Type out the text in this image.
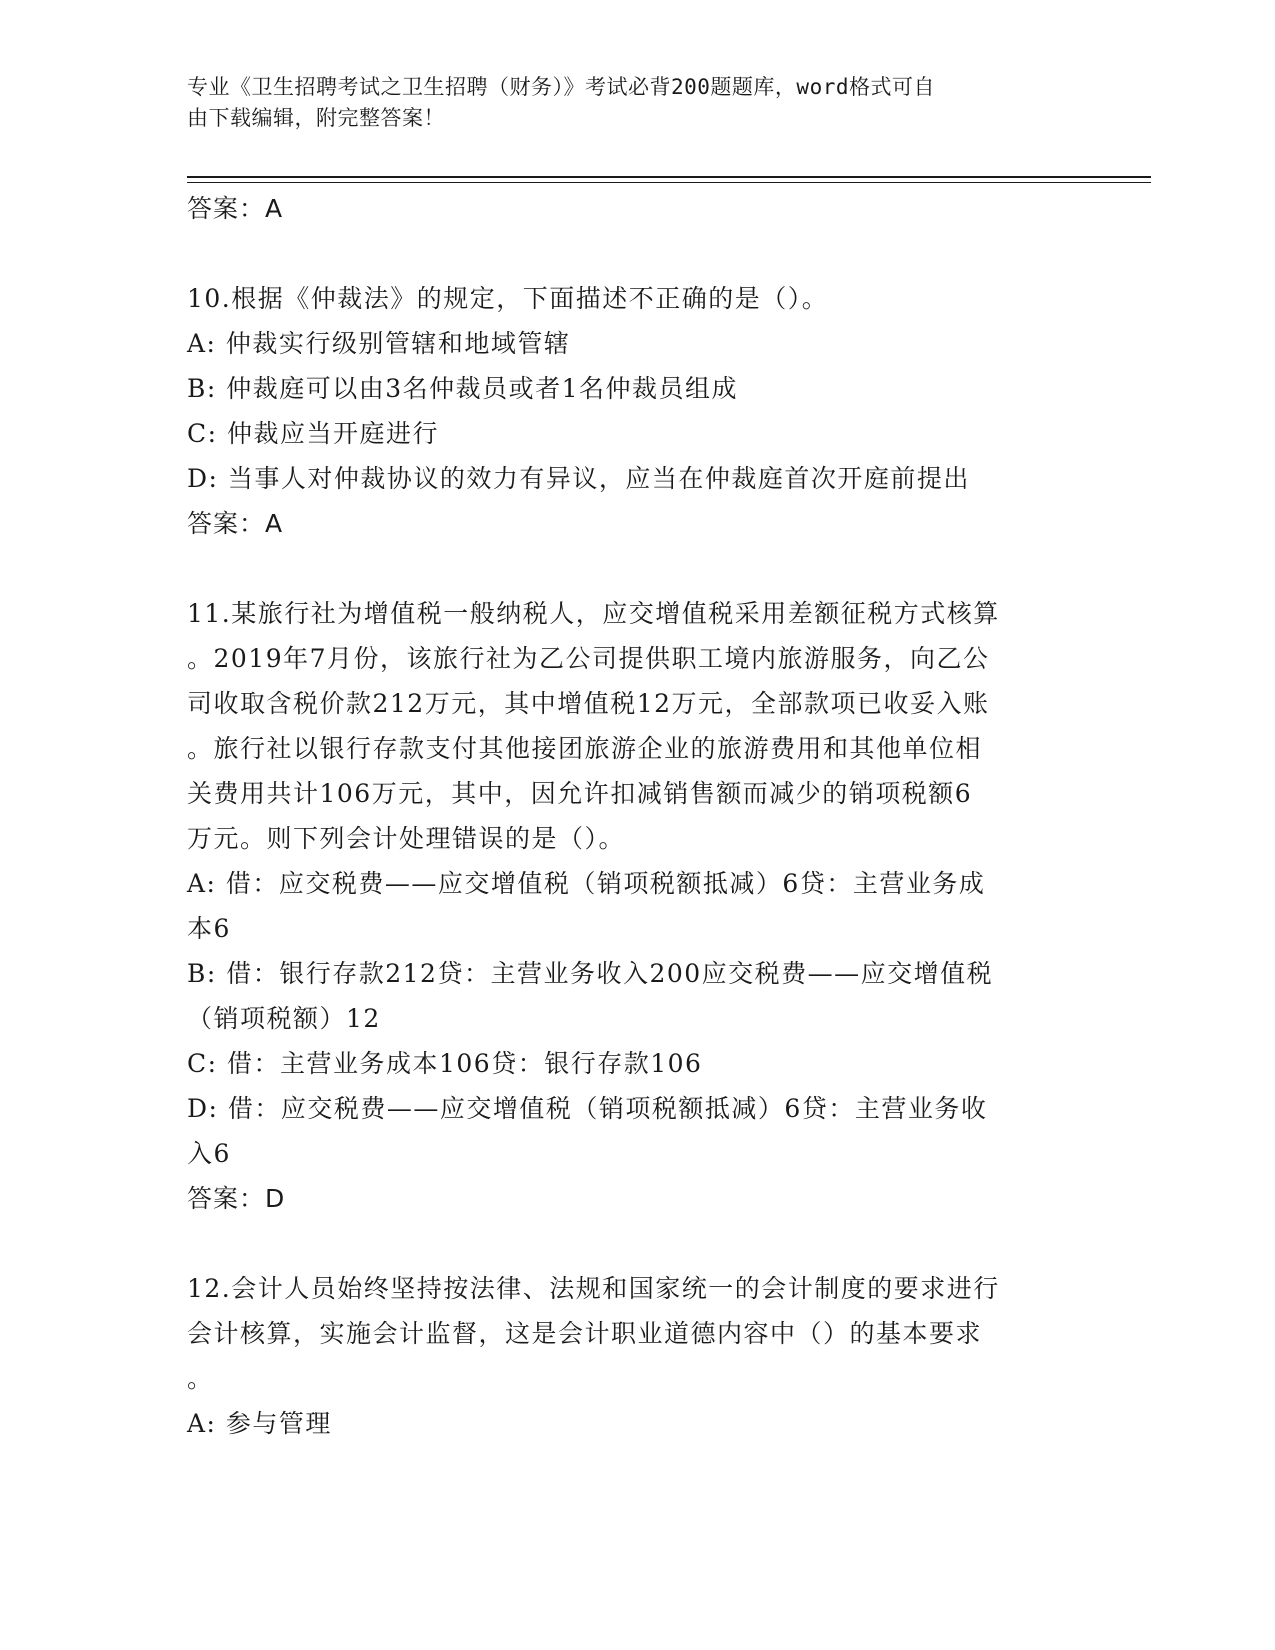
专业《卫生招聘考试之卫生招聘（财务）》考试必背200题题库，word格式可自
由下载编辑，附完整答案！
答案：A
10.根据《仲裁法》的规定，下面描述不正确的是（）。
A: 仲裁实行级别管辖和地域管辖
B: 仲裁庭可以由3名仲裁员或者1名仲裁员组成
C: 仲裁应当开庭进行
D: 当事人对仲裁协议的效力有异议，应当在仲裁庭首次开庭前提出
答案：A
11.某旅行社为增值税一般纳税人，应交增值税采用差额征税方式核算
。2019年7月份，该旅行社为乙公司提供职工境内旅游服务，向乙公
司收取含税价款212万元，其中增值税12万元，全部款项已收妥入账
。旅行社以银行存款支付其他接团旅游企业的旅游费用和其他单位相
关费用共计106万元，其中，因允许扣减销售额而减少的销项税额6
万元。则下列会计处理错误的是（）。
A: 借：应交税费——应交增值税（销项税额抵减）6贷：主营业务成
本6
B: 借：银行存款212贷：主营业务收入200应交税费——应交增值税
（销项税额）12
C: 借：主营业务成本106贷：银行存款106
D: 借：应交税费——应交增值税（销项税额抵减）6贷：主营业务收
入6
答案：D
12.会计人员始终坚持按法律、法规和国家统一的会计制度的要求进行
会计核算，实施会计监督，这是会计职业道德内容中（）的基本要求
。
A: 参与管理
